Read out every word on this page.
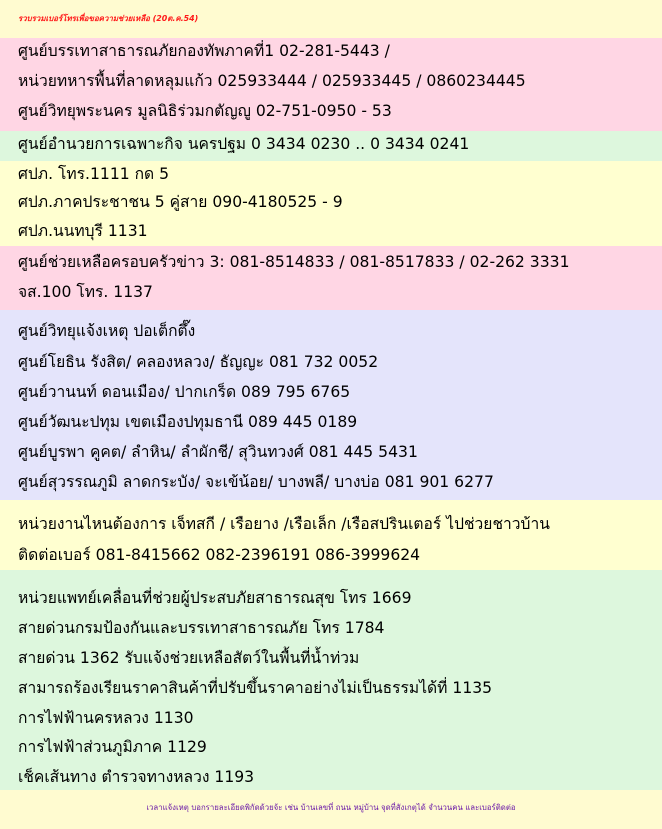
รวบรวมเบอร์โทรเพื่อขอความช่วยเหลือ (20ต.ค.54)
ศูนย์บรรเทาสาธารณภัยกองทัพภาคที่1 02-281-5443 /
หน่วยทหารพื้นที่ลาดหลุมแก้ว 025933444 / 025933445 / 0860234445
ศูนย์วิทยุพระนคร มูลนิธิร่วมกตัญญู 02-751-0950 - 53
ศูนย์อำนวยการเฉพาะกิจ นครปฐม 0 3434 0230 .. 0 3434 0241
ศปภ. โทร.1111 กด 5
ศปภ.ภาคประชาชน 5 คู่สาย 090-4180525 - 9
ศปภ.นนทบุรี 1131
ศูนย์ช่วยเหลือครอบครัวข่าว 3: 081-8514833 / 081-8517833 / 02-262 3331
จส.100 โทร. 1137
ศูนย์วิทยุแจ้งเหตุ ปอเต็กตึ๊ง
ศูนย์โยธิน รังสิต/ คลองหลวง/ ธัญญะ 081 732 0052
ศูนย์วานนท์ ดอนเมือง/ ปากเกร็ด 089 795 6765
ศูนย์วัฒนะปทุม เขตเมืองปทุมธานี 089 445 0189
ศูนย์บูรพา คูคต/ ลำหิน/ ลำผักชี/ สุวินทวงศ์ 081 445 5431
ศูนย์สุวรรณภูมิ ลาดกระบัง/ จะเข้น้อย/ บางพลี/ บางบ่อ 081 901 6277
หน่วยงานไหนต้องการ เจ็ทสกี / เรือยาง /เรือเล็ก /เรือสปรินเตอร์ ไปช่วยชาวบ้าน
ติดต่อเบอร์ 081-8415662 082-2396191 086-3999624
หน่วยแพทย์เคลื่อนที่ช่วยผู้ประสบภัยสาธารณสุข โทร 1669
สายด่วนกรมป้องกันและบรรเทาสาธารณภัย โทร 1784
สายด่วน 1362 รับแจ้งช่วยเหลือสัตว์ในพื้นที่น้ำท่วม
สามารถร้องเรียนราคาสินค้าที่ปรับขึ้นราคาอย่างไม่เป็นธรรมได้ที่ 1135
การไฟฟ้านครหลวง 1130
การไฟฟ้าส่วนภูมิภาค 1129
เช็คเส้นทาง ตำรวจทางหลวง 1193
เวลาแจ้งเหตุ บอกรายละเอียดพิกัดด้วยจ้ะ เช่น บ้านเลขที่ ถนน หมู่บ้าน จุดที่สังเกตุได้ จำนวนคน และเบอร์ติดต่อ
